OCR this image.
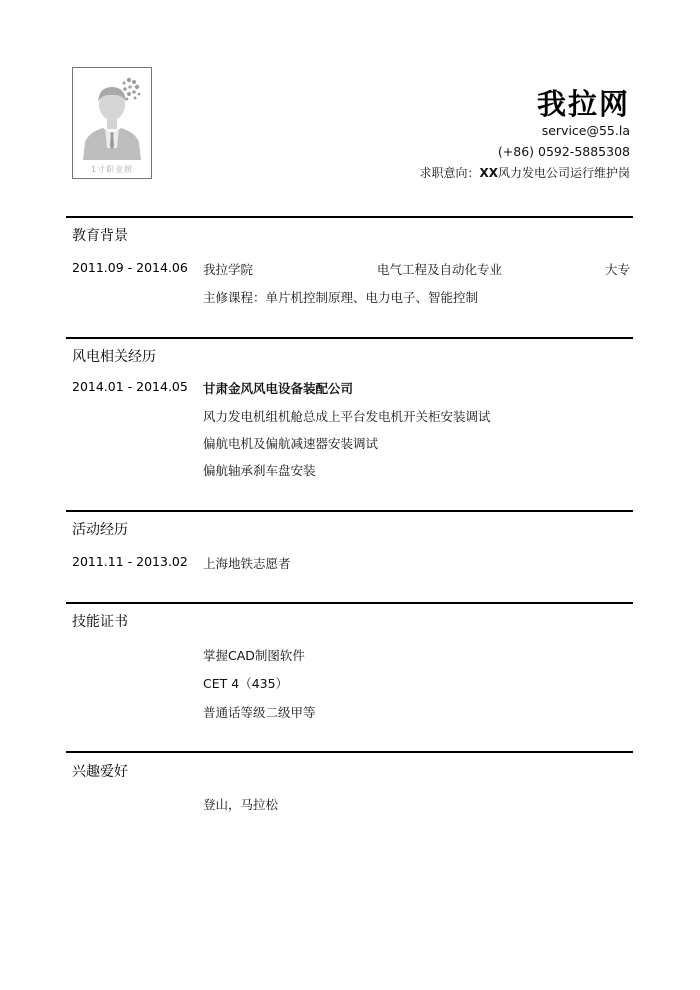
1寸职业照
我拉网
service@55.la
(+86) 0592-5885308
求职意向：XX风力发电公司运行维护岗
教育背景
2011.09 - 2014.06 我拉学院	电气工程及自动化专业	大专
主修课程：单片机控制原理、电力电子、智能控制
风电相关经历
2014.01 - 2014.05 甘肃金风风电设备装配公司
风力发电机组机舱总成上平台发电机开关柜安装调试
偏航电机及偏航减速器安装调试
偏航轴承刹车盘安装
活动经历
2011.11 - 2013.02 上海地铁志愿者
技能证书
掌握CAD制图软件
CET 4（435）
普通话等级二级甲等
兴趣爱好
登山，马拉松
